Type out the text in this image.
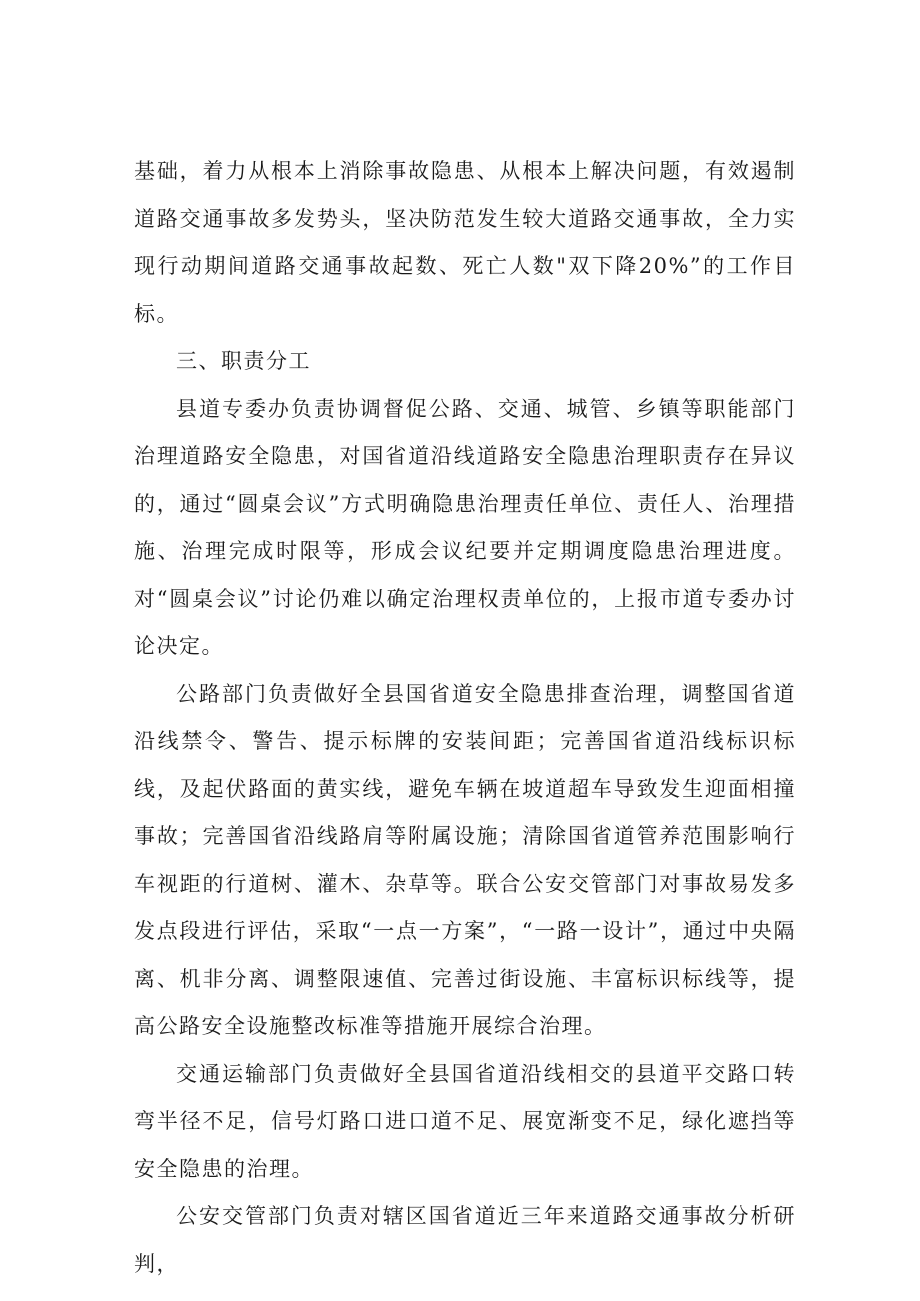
基础，着力从根本上消除事故隐患、从根本上解决问题，有效遏制道路交通事故多发势头，坚决防范发生较大道路交通事故，全力实现行动期间道路交通事故起数、死亡人数"双下降20%”的工作目标。

三、职责分工

县道专委办负责协调督促公路、交通、城管、乡镇等职能部门治理道路安全隐患，对国省道沿线道路安全隐患治理职责存在异议的，通过“圆桌会议”方式明确隐患治理责任单位、责任人、治理措施、治理完成时限等，形成会议纪要并定期调度隐患治理进度。对“圆桌会议”讨论仍难以确定治理权责单位的，上报市道专委办讨论决定。

公路部门负责做好全县国省道安全隐患排查治理，调整国省道沿线禁令、警告、提示标牌的安装间距；完善国省道沿线标识标线，及起伏路面的黄实线，避免车辆在坡道超车导致发生迎面相撞事故；完善国省沿线路肩等附属设施；清除国省道管养范围影响行车视距的行道树、灌木、杂草等。联合公安交管部门对事故易发多发点段进行评估，采取“一点一方案”，“一路一设计”，通过中央隔离、机非分离、调整限速值、完善过街设施、丰富标识标线等，提高公路安全设施整改标准等措施开展综合治理。

交通运输部门负责做好全县国省道沿线相交的县道平交路口转弯半径不足，信号灯路口进口道不足、展宽渐变不足，绿化遮挡等安全隐患的治理。

公安交管部门负责对辖区国省道近三年来道路交通事故分析研判，
